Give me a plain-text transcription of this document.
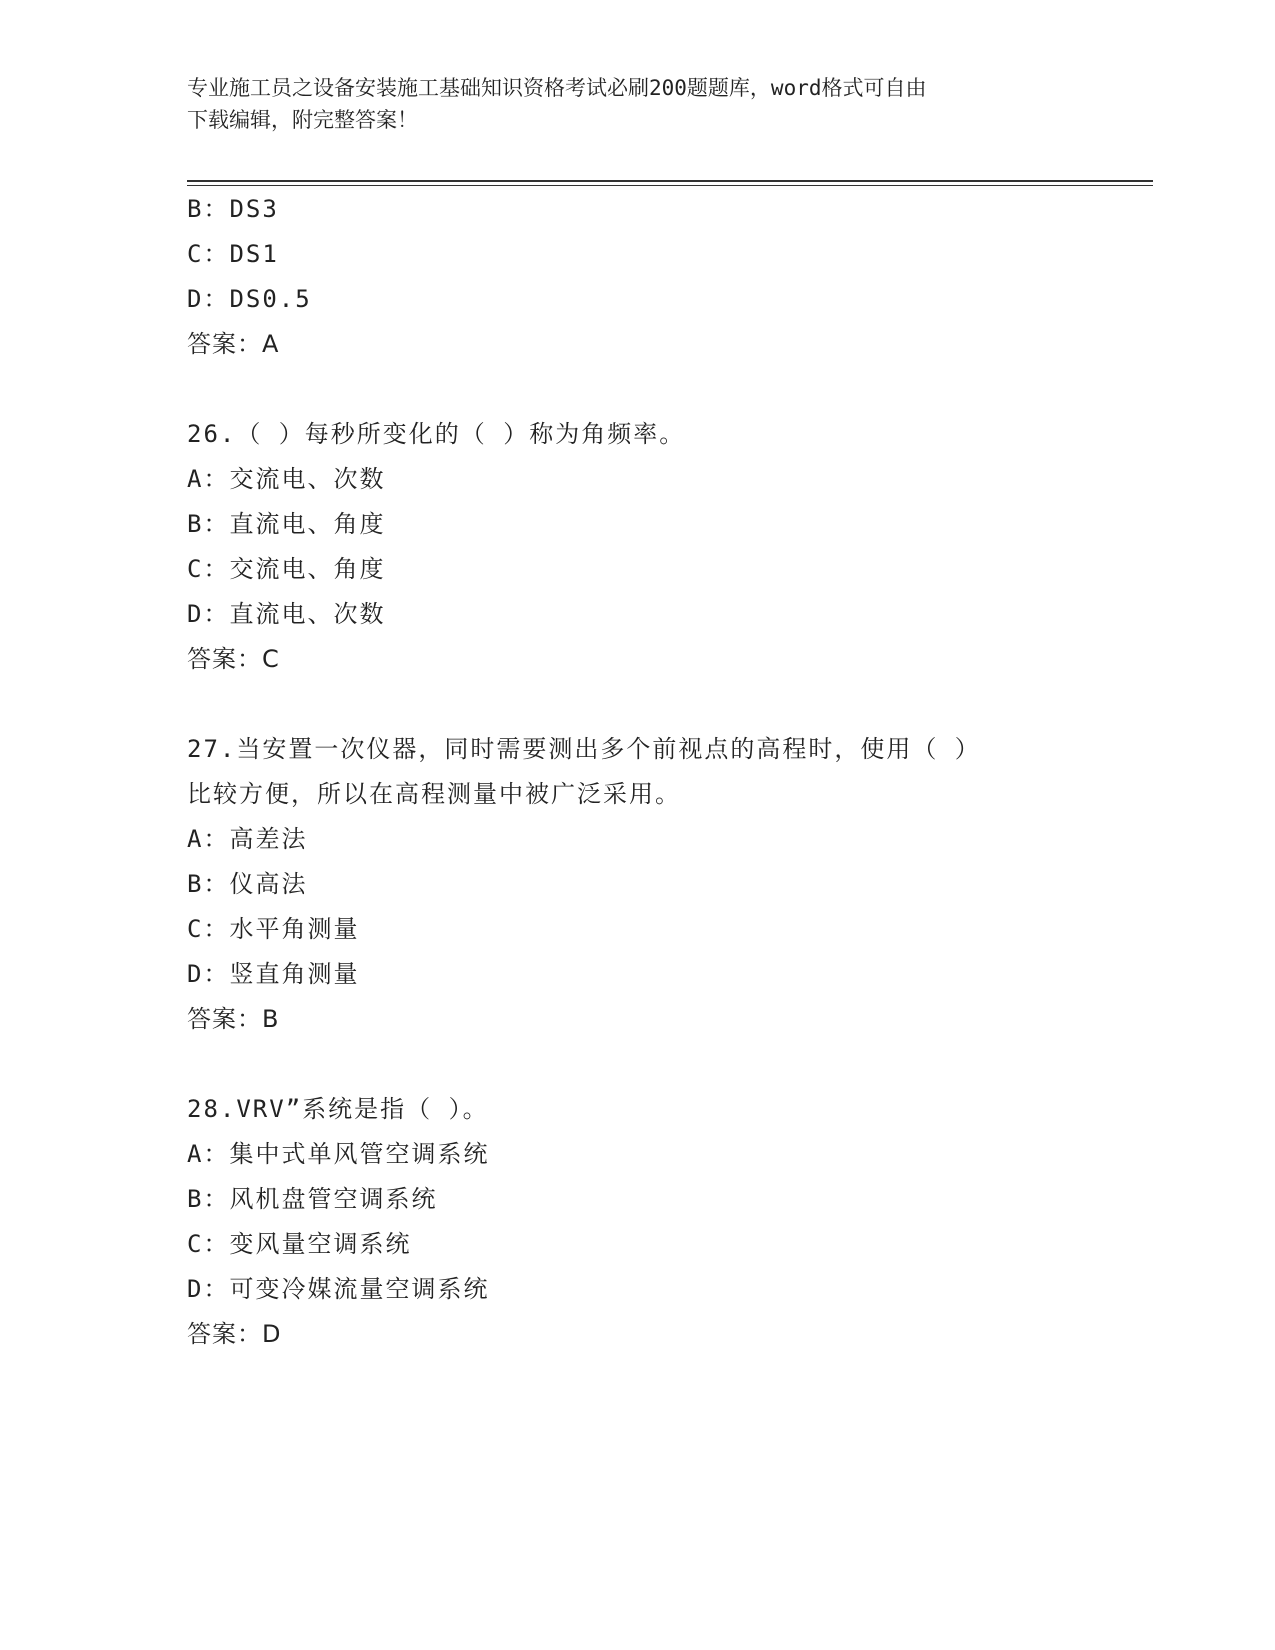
专业施工员之设备安装施工基础知识资格考试必刷200题题库，word格式可自由
下载编辑，附完整答案！
B：DS3
C：DS1
D：DS0.5
答案：A
26.（ ）每秒所变化的（ ）称为角频率。
A：交流电、次数
B：直流电、角度
C：交流电、角度
D：直流电、次数
答案：C
27.当安置一次仪器，同时需要测出多个前视点的高程时，使用（ ）
比较方便，所以在高程测量中被广泛采用。
A：高差法
B：仪高法
C：水平角测量
D：竖直角测量
答案：B
28.VRV”系统是指（ ）。
A：集中式单风管空调系统
B：风机盘管空调系统
C：变风量空调系统
D：可变冷媒流量空调系统
答案：D
